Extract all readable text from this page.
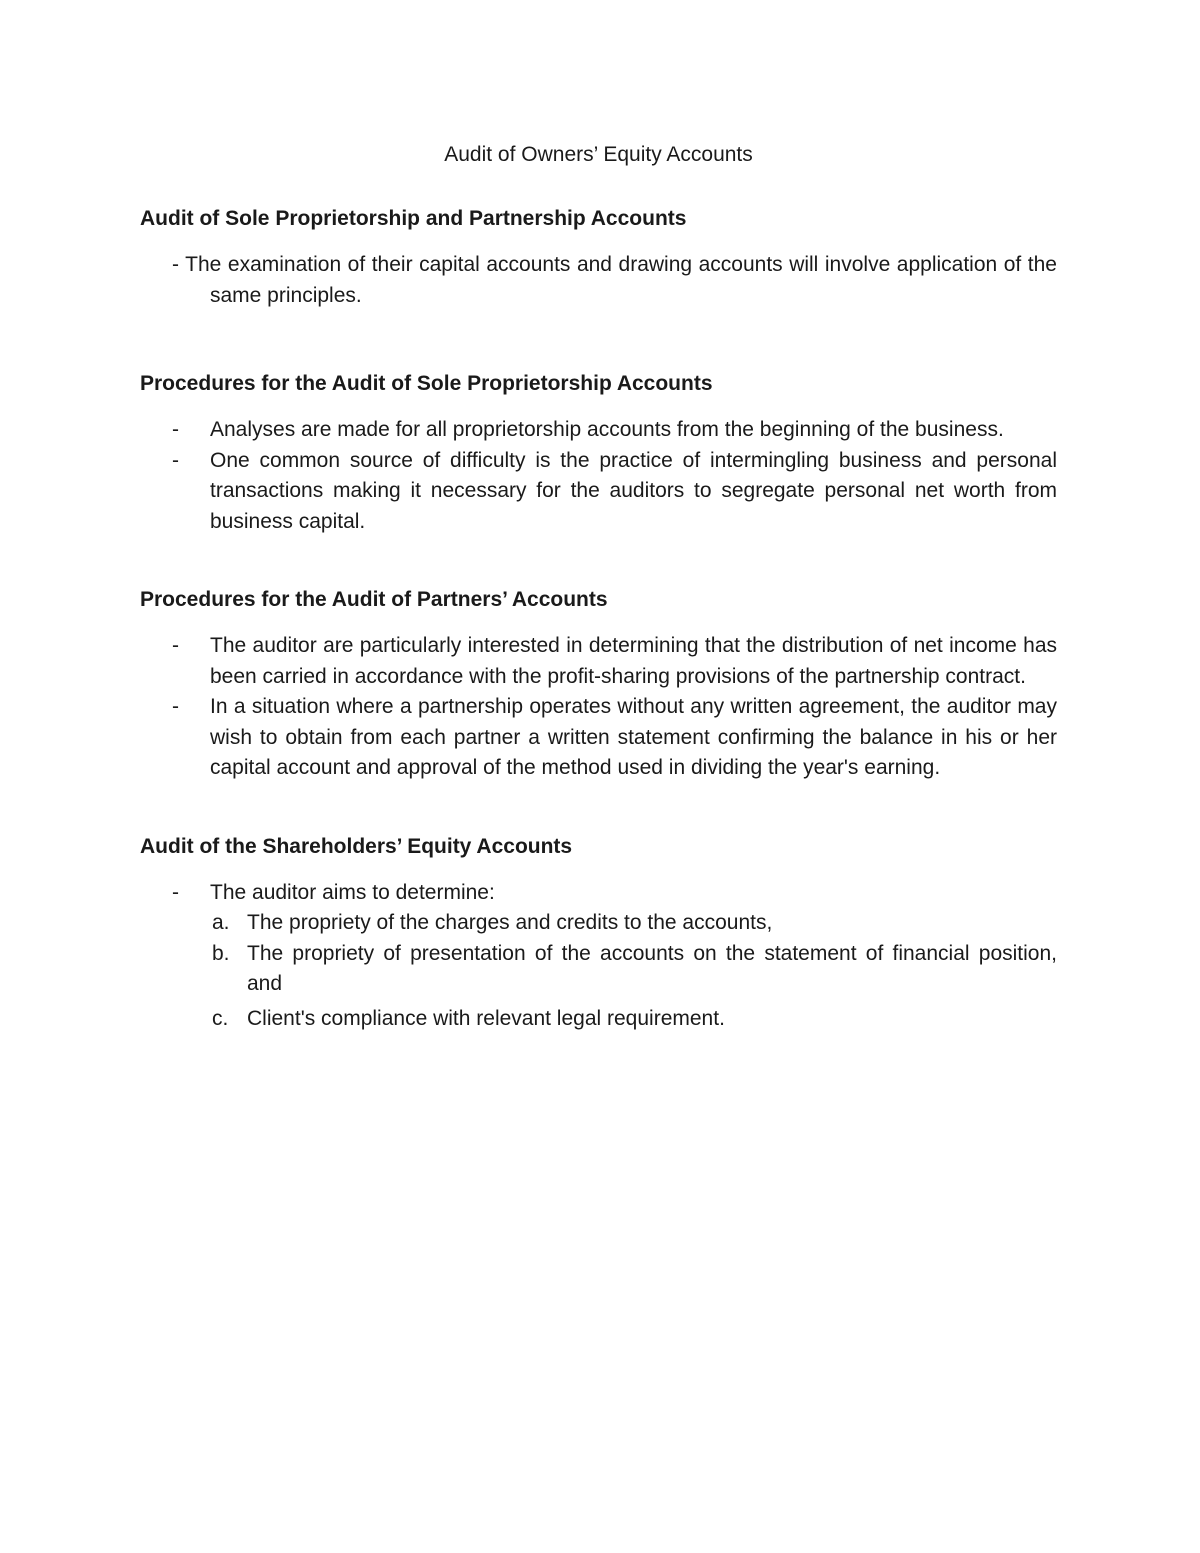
Audit of Owners’ Equity Accounts
Audit of Sole Proprietorship and Partnership Accounts
- The examination of their capital accounts and drawing accounts will involve application of the same principles.
Procedures for the Audit of Sole Proprietorship Accounts
- Analyses are made for all proprietorship accounts from the beginning of the business.
- One common source of difficulty is the practice of intermingling business and personal transactions making it necessary for the auditors to segregate personal net worth from business capital.
Procedures for the Audit of Partners’ Accounts
- The auditor are particularly interested in determining that the distribution of net income has been carried in accordance with the profit-sharing provisions of the partnership contract.
- In a situation where a partnership operates without any written agreement, the auditor may wish to obtain from each partner a written statement confirming the balance in his or her capital account and approval of the method used in dividing the year's earning.
Audit of the Shareholders’ Equity Accounts
- The auditor aims to determine:
a. The propriety of the charges and credits to the accounts,
b. The propriety of presentation of the accounts on the statement of financial position, and
c. Client's compliance with relevant legal requirement.
